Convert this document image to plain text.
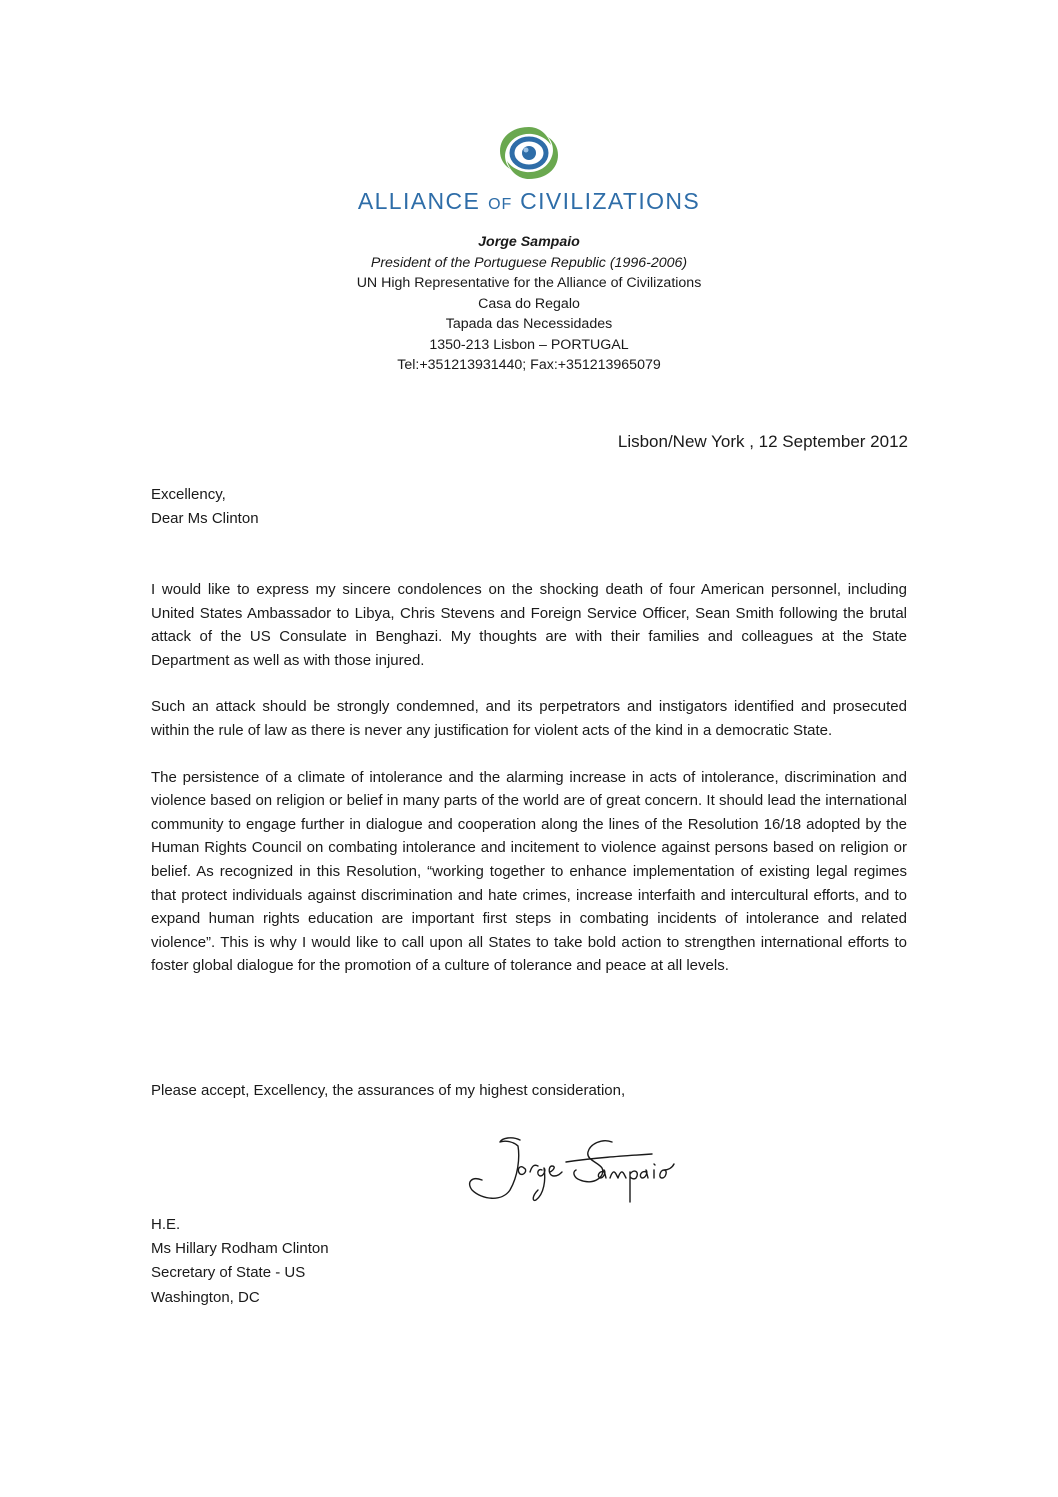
ALLIANCE OF CIVILIZATIONS
Jorge Sampaio
President of the Portuguese Republic (1996-2006)
UN High Representative for the Alliance of Civilizations
Casa do Regalo
Tapada das Necessidades
1350-213 Lisbon – PORTUGAL
Tel:+351213931440; Fax:+351213965079
Lisbon/New York , 12 September 2012
Excellency,
Dear Ms Clinton

I would like to express my sincere condolences on the shocking death of four American personnel, including United States Ambassador to Libya, Chris Stevens and Foreign Service Officer, Sean Smith following the brutal attack of the US Consulate in Benghazi. My thoughts are with their families and colleagues at the State Department as well as with those injured.

Such an attack should be strongly condemned, and its perpetrators and instigators identified and prosecuted within the rule of law as there is never any justification for violent acts of the kind in a democratic State.

The persistence of a climate of intolerance and the alarming increase in acts of intolerance, discrimination and violence based on religion or belief in many parts of the world are of great concern. It should lead the international community to engage further in dialogue and cooperation along the lines of the Resolution 16/18 adopted by the Human Rights Council on combating intolerance and incitement to violence against persons based on religion or belief. As recognized in this Resolution, “working together to enhance implementation of existing legal regimes that protect individuals against discrimination and hate crimes, increase interfaith and intercultural efforts, and to expand human rights education are important first steps in combating incidents of intolerance and related violence”. This is why I would like to call upon all States to take bold action to strengthen international efforts to foster global dialogue for the promotion of a culture of tolerance and peace at all levels.

Please accept, Excellency, the assurances of my highest consideration,
H.E.
Ms Hillary Rodham Clinton
Secretary of State - US
Washington, DC
